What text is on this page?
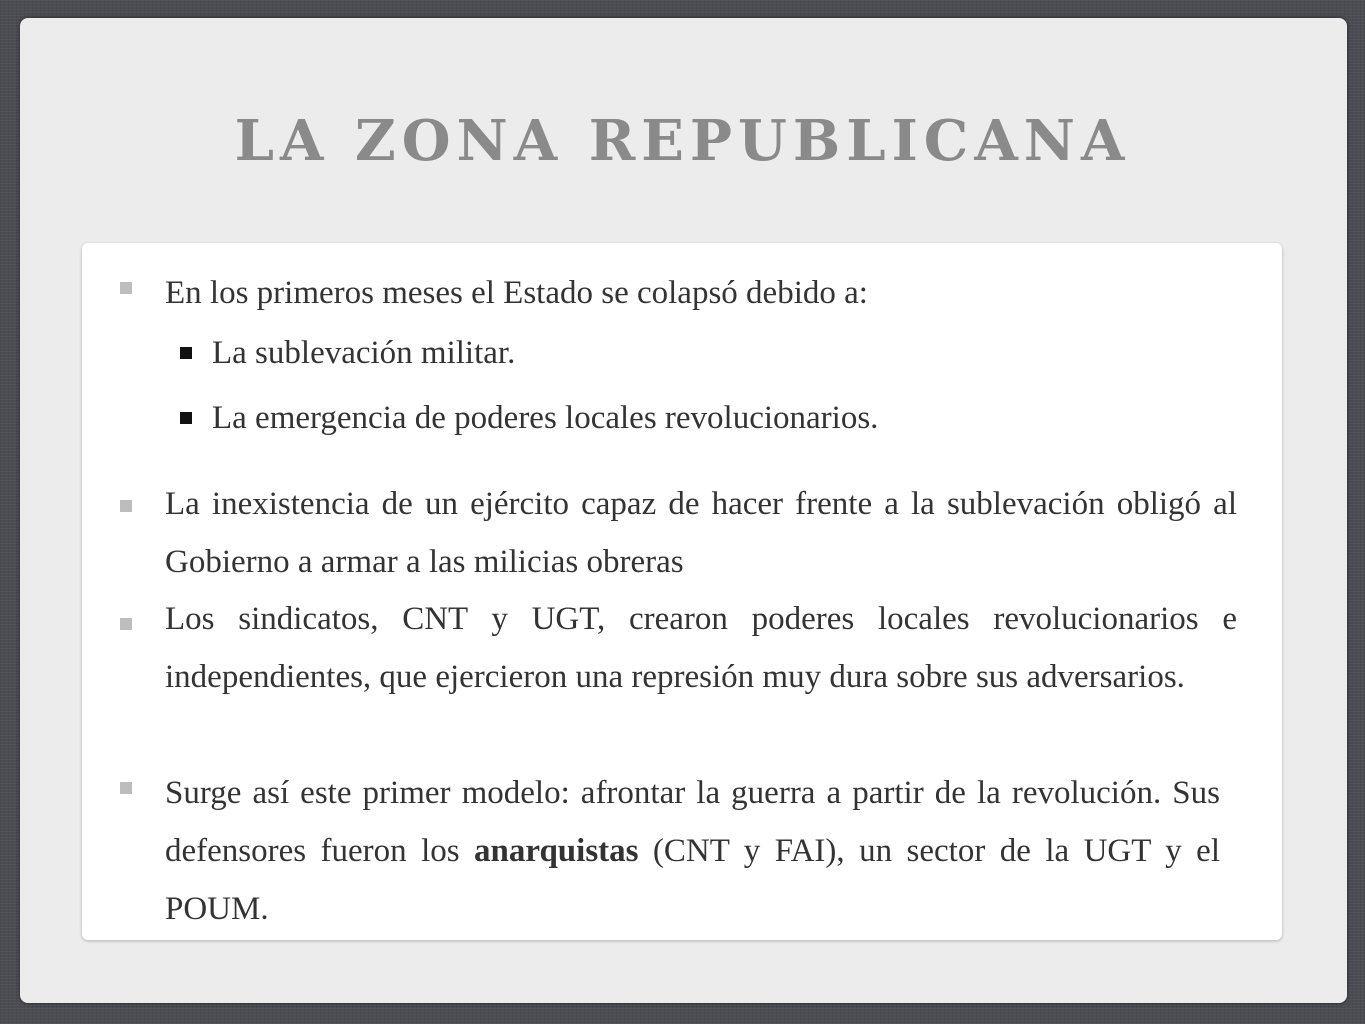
LA ZONA REPUBLICANA
En los primeros meses el Estado se colapsó debido a:
La sublevación militar.
La emergencia de poderes locales revolucionarios.
La inexistencia de un ejército capaz de hacer frente a la sublevación obligó al Gobierno a armar a las milicias obreras
Los sindicatos, CNT y UGT, crearon poderes locales revolucionarios e independientes, que ejercieron una represión muy dura sobre sus adversarios.
Surge así este primer modelo: afrontar la guerra a partir de la revolución. Sus defensores fueron los anarquistas (CNT y FAI), un sector de la UGT y el POUM.
